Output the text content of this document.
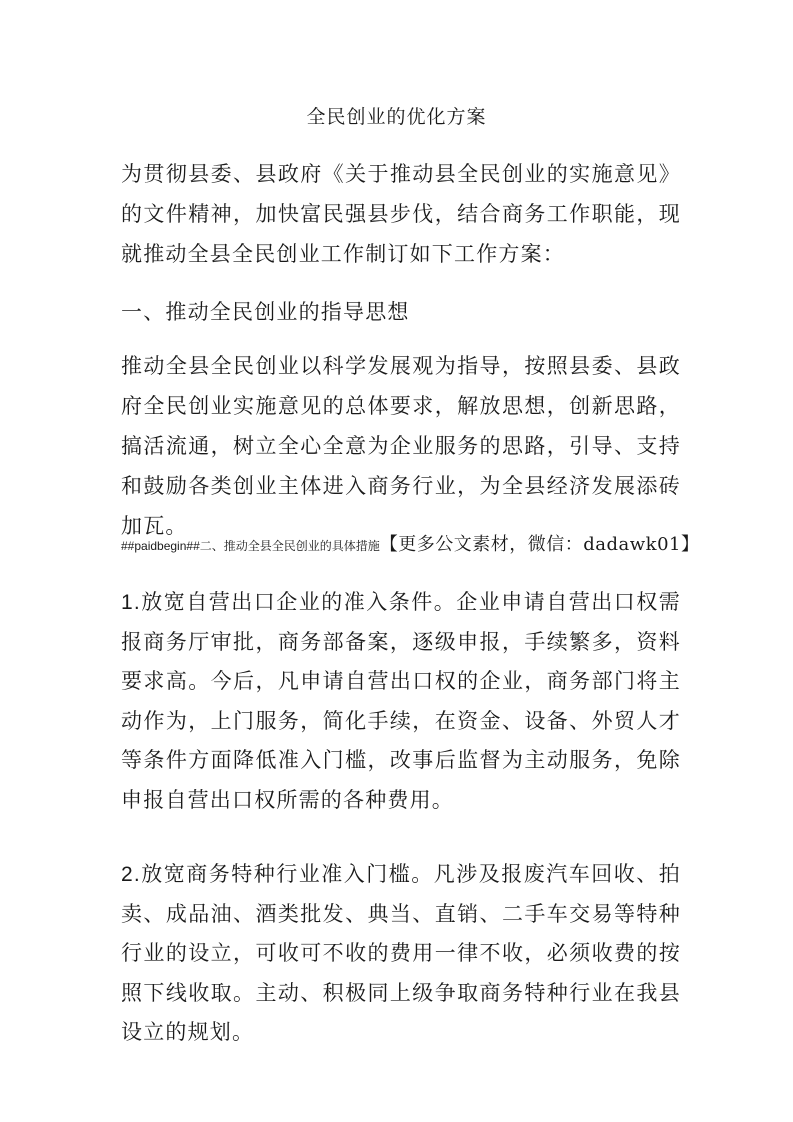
全民创业的优化方案

为贯彻县委、县政府《关于推动县全民创业的实施意见》的文件精神，加快富民强县步伐，结合商务工作职能，现就推动全县全民创业工作制订如下工作方案：

一、推动全民创业的指导思想

推动全县全民创业以科学发展观为指导，按照县委、县政府全民创业实施意见的总体要求，解放思想，创新思路，搞活流通，树立全心全意为企业服务的思路，引导、支持和鼓励各类创业主体进入商务行业，为全县经济发展添砖加瓦。

##paidbegin##二、推动全县全民创业的具体措施【更多公文素材，微信：dadawk01】

1.放宽自营出口企业的准入条件。企业申请自营出口权需报商务厅审批，商务部备案，逐级申报，手续繁多，资料要求高。今后，凡申请自营出口权的企业，商务部门将主动作为，上门服务，简化手续，在资金、设备、外贸人才等条件方面降低准入门槛，改事后监督为主动服务，免除申报自营出口权所需的各种费用。

2.放宽商务特种行业准入门槛。凡涉及报废汽车回收、拍卖、成品油、酒类批发、典当、直销、二手车交易等特种行业的设立，可收可不收的费用一律不收，必须收费的按照下线收取。主动、积极同上级争取商务特种行业在我县设立的规划。
